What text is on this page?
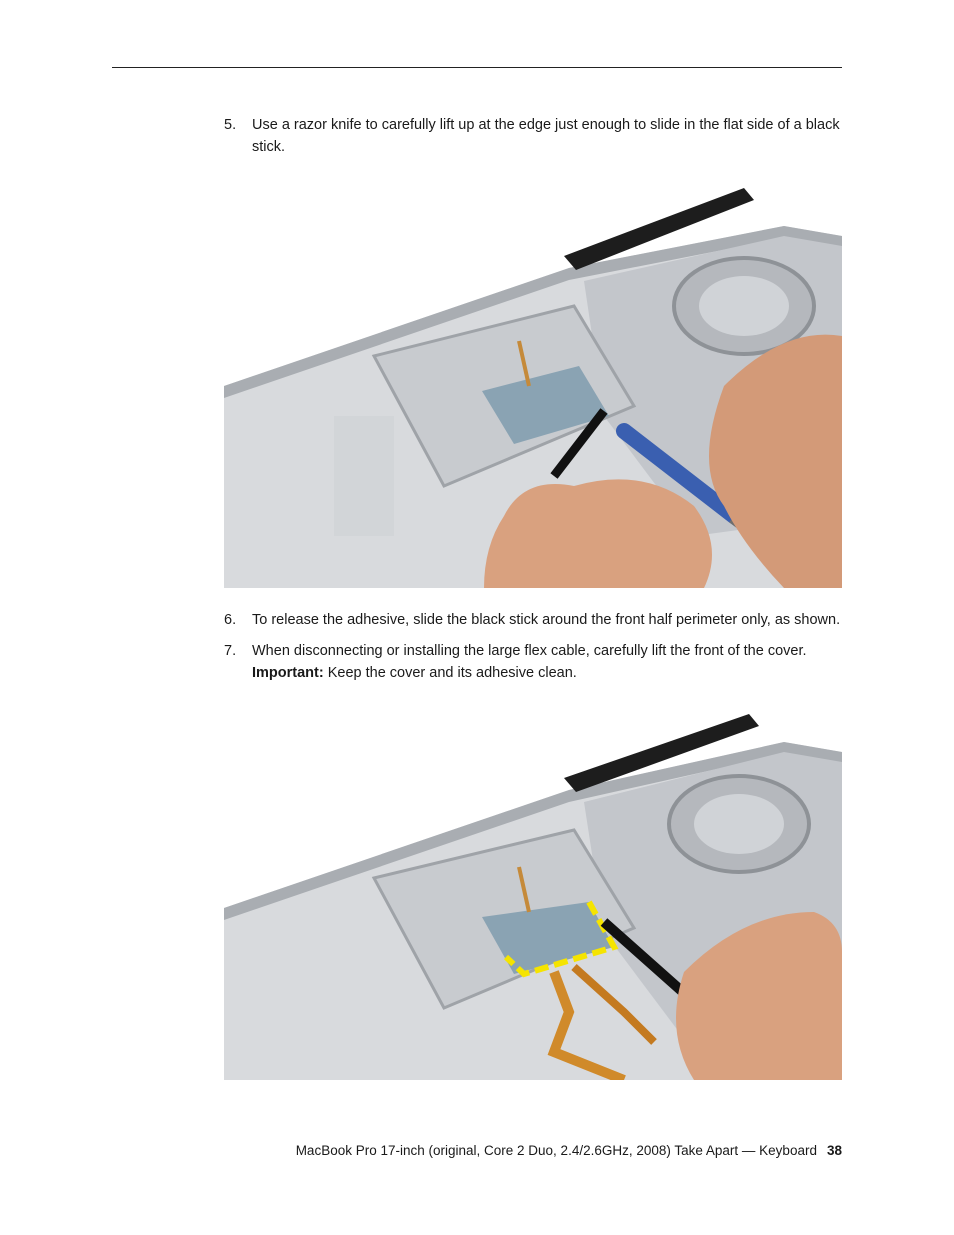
5. Use a razor knife to carefully lift up at the edge just enough to slide in the flat side of a black stick.
6. To release the adhesive, slide the black stick around the front half perimeter only, as shown.
7. When disconnecting or installing the large flex cable, carefully lift the front of the cover.
Important: Keep the cover and its adhesive clean.
MacBook Pro 17-inch (original, Core 2 Duo, 2.4/2.6GHz, 2008) Take Apart — Keyboard 38
